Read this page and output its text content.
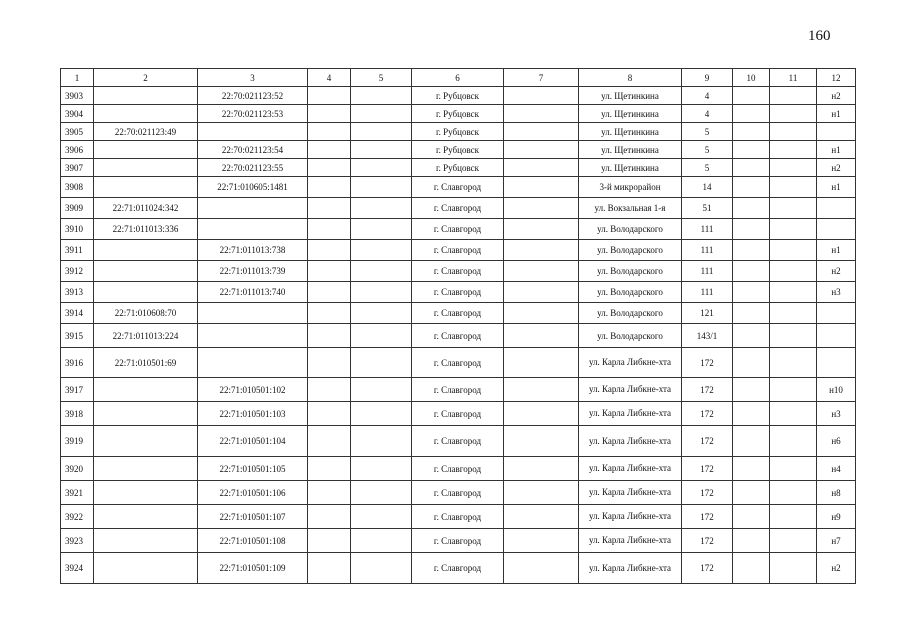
160
1	2	3	4	5	6	7	8	9	10	11	12
3903		22:70:021123:52			г. Рубцовск		ул. Щетинкина	4			н2
3904		22:70:021123:53			г. Рубцовск		ул. Щетинкина	4			н1
3905	22:70:021123:49				г. Рубцовск		ул. Щетинкина	5			
3906		22:70:021123:54			г. Рубцовск		ул. Щетинкина	5			н1
3907		22:70:021123:55			г. Рубцовск		ул. Щетинкина	5			н2
3908		22:71:010605:1481			г. Славгород		3-й микрорайон	14			н1
3909	22:71:011024:342				г. Славгород		ул. Вокзальная 1-я	51			
3910	22:71:011013:336				г. Славгород		ул. Володарского	111			
3911		22:71:011013:738			г. Славгород		ул. Володарского	111			н1
3912		22:71:011013:739			г. Славгород		ул. Володарского	111			н2
3913		22:71:011013:740			г. Славгород		ул. Володарского	111			н3
3914	22:71:010608:70				г. Славгород		ул. Володарского	121			
3915	22:71:011013:224				г. Славгород		ул. Володарского	143/1			
3916	22:71:010501:69				г. Славгород		ул. Карла Либкне-хта	172			
3917		22:71:010501:102			г. Славгород		ул. Карла Либкне-хта	172			н10
3918		22:71:010501:103			г. Славгород		ул. Карла Либкне-хта	172			н3
3919		22:71:010501:104			г. Славгород		ул. Карла Либкне-хта	172			н6
3920		22:71:010501:105			г. Славгород		ул. Карла Либкне-хта	172			н4
3921		22:71:010501:106			г. Славгород		ул. Карла Либкне-хта	172			н8
3922		22:71:010501:107			г. Славгород		ул. Карла Либкне-хта	172			н9
3923		22:71:010501:108			г. Славгород		ул. Карла Либкне-хта	172			н7
3924		22:71:010501:109			г. Славгород		ул. Карла Либкне-хта	172			н2
